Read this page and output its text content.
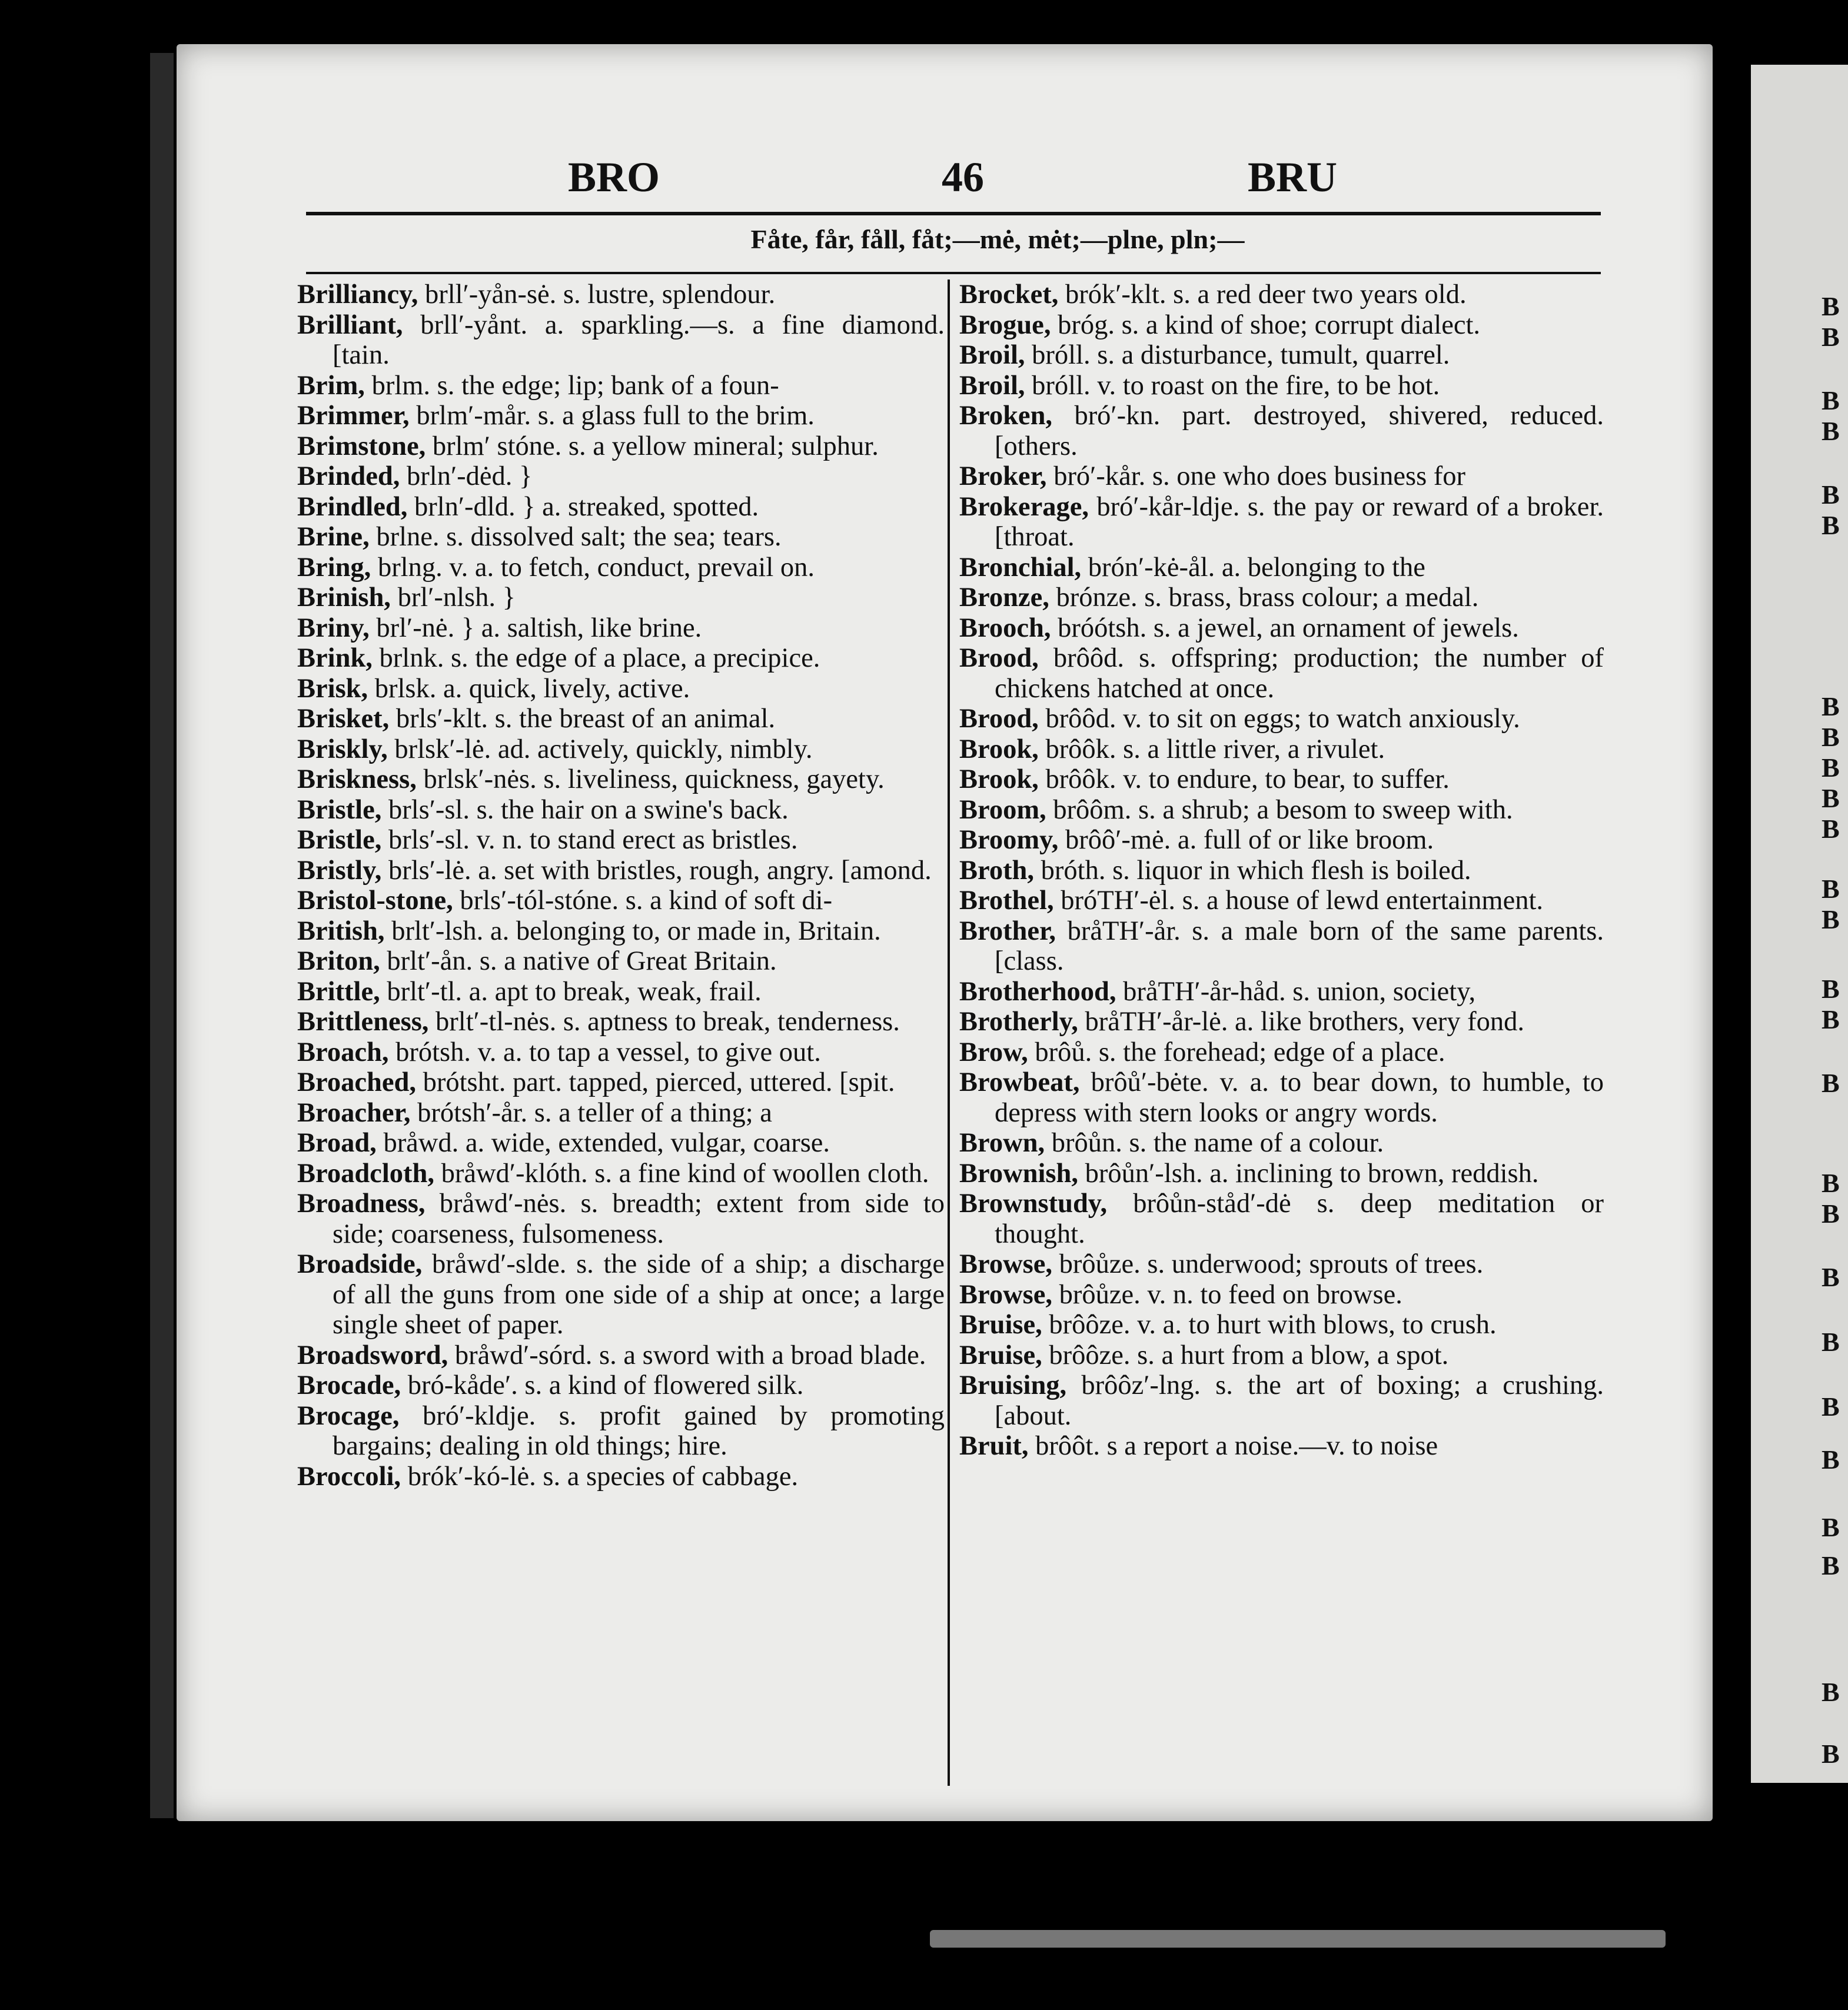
B
B
B
B
B
B
B
B
B
B
B
B
B
B
B
B
B
B
B
B
B
B
B
B
B
B
BRO	46	BRU
Fåte, får, fåll, fåt;—mė, mėt;—plne, pln;—

Brilliancy, brll′-yån-sė. s. lustre, splendour.

Brilliant, brll′-yånt. a. sparkling.—s. a fine diamond. [tain.

Brim, brlm. s. the edge; lip; bank of a foun-

Brimmer, brlm′-mår. s. a glass full to the brim.

Brimstone, brlm′ stóne. s. a yellow mineral; sulphur.

Brinded, brln′-dėd. }

Brindled, brln′-dld. } a. streaked, spotted.

Brine, brlne. s. dissolved salt; the sea; tears.

Bring, brlng. v. a. to fetch, conduct, prevail on.

Brinish, brl′-nlsh. }

Briny, brl′-nė. } a. saltish, like brine.

Brink, brlnk. s. the edge of a place, a precipice.

Brisk, brlsk. a. quick, lively, active.

Brisket, brls′-klt. s. the breast of an animal.

Briskly, brlsk′-lė. ad. actively, quickly, nimbly.

Briskness, brlsk′-nės. s. liveliness, quickness, gayety.

Bristle, brls′-sl. s. the hair on a swine's back.

Bristle, brls′-sl. v. n. to stand erect as bristles.

Bristly, brls′-lė. a. set with bristles, rough, angry. [amond.

Bristol-stone, brls′-tól-stóne. s. a kind of soft di-

British, brlt′-lsh. a. belonging to, or made in, Britain.

Briton, brlt′-ån. s. a native of Great Britain.

Brittle, brlt′-tl. a. apt to break, weak, frail.

Brittleness, brlt′-tl-nės. s. aptness to break, tenderness.

Broach, brótsh. v. a. to tap a vessel, to give out.

Broached, brótsht. part. tapped, pierced, uttered. [spit.

Broacher, brótsh′-år. s. a teller of a thing; a

Broad, bråwd. a. wide, extended, vulgar, coarse.

Broadcloth, bråwd′-klóth. s. a fine kind of woollen cloth.

Broadness, bråwd′-nės. s. breadth; extent from side to side; coarseness, fulsomeness.

Broadside, bråwd′-slde. s. the side of a ship; a discharge of all the guns from one side of a ship at once; a large single sheet of paper.

Broadsword, bråwd′-sórd. s. a sword with a broad blade.

Brocade, bró-kåde′. s. a kind of flowered silk.

Brocage, bró′-kldje. s. profit gained by promoting bargains; dealing in old things; hire.

Broccoli, brók′-kó-lė. s. a species of cabbage.

Brocket, brók′-klt. s. a red deer two years old.

Brogue, bróg. s. a kind of shoe; corrupt dialect.

Broil, bróll. s. a disturbance, tumult, quarrel.

Broil, bróll. v. to roast on the fire, to be hot.

Broken, bró′-kn. part. destroyed, shivered, reduced. [others.

Broker, bró′-kår. s. one who does business for

Brokerage, bró′-kår-ldje. s. the pay or reward of a broker. [throat.

Bronchial, brón′-kė-ål. a. belonging to the

Bronze, brónze. s. brass, brass colour; a medal.

Brooch, bróótsh. s. a jewel, an ornament of jewels.

Brood, brôôd. s. offspring; production; the number of chickens hatched at once.

Brood, brôôd. v. to sit on eggs; to watch anxiously.

Brook, brôôk. s. a little river, a rivulet.

Brook, brôôk. v. to endure, to bear, to suffer.

Broom, brôôm. s. a shrub; a besom to sweep with.

Broomy, brôô′-mė. a. full of or like broom.

Broth, bróth. s. liquor in which flesh is boiled.

Brothel, bróTH′-ėl. s. a house of lewd entertainment.

Brother, bråTH′-år. s. a male born of the same parents. [class.

Brotherhood, bråTH′-år-håd. s. union, society,

Brotherly, bråTH′-år-lė. a. like brothers, very fond.

Brow, brôů. s. the forehead; edge of a place.

Browbeat, brôů′-bėte. v. a. to bear down, to humble, to depress with stern looks or angry words.

Brown, brôůn. s. the name of a colour.

Brownish, brôůn′-lsh. a. inclining to brown, reddish.

Brownstudy, brôůn-ståd′-dė s. deep meditation or thought.

Browse, brôůze. s. underwood; sprouts of trees.

Browse, brôůze. v. n. to feed on browse.

Bruise, brôôze. v. a. to hurt with blows, to crush.

Bruise, brôôze. s. a hurt from a blow, a spot.

Bruising, brôôz′-lng. s. the art of boxing; a crushing. [about.

Bruit, brôôt. s a report a noise.—v. to noise
